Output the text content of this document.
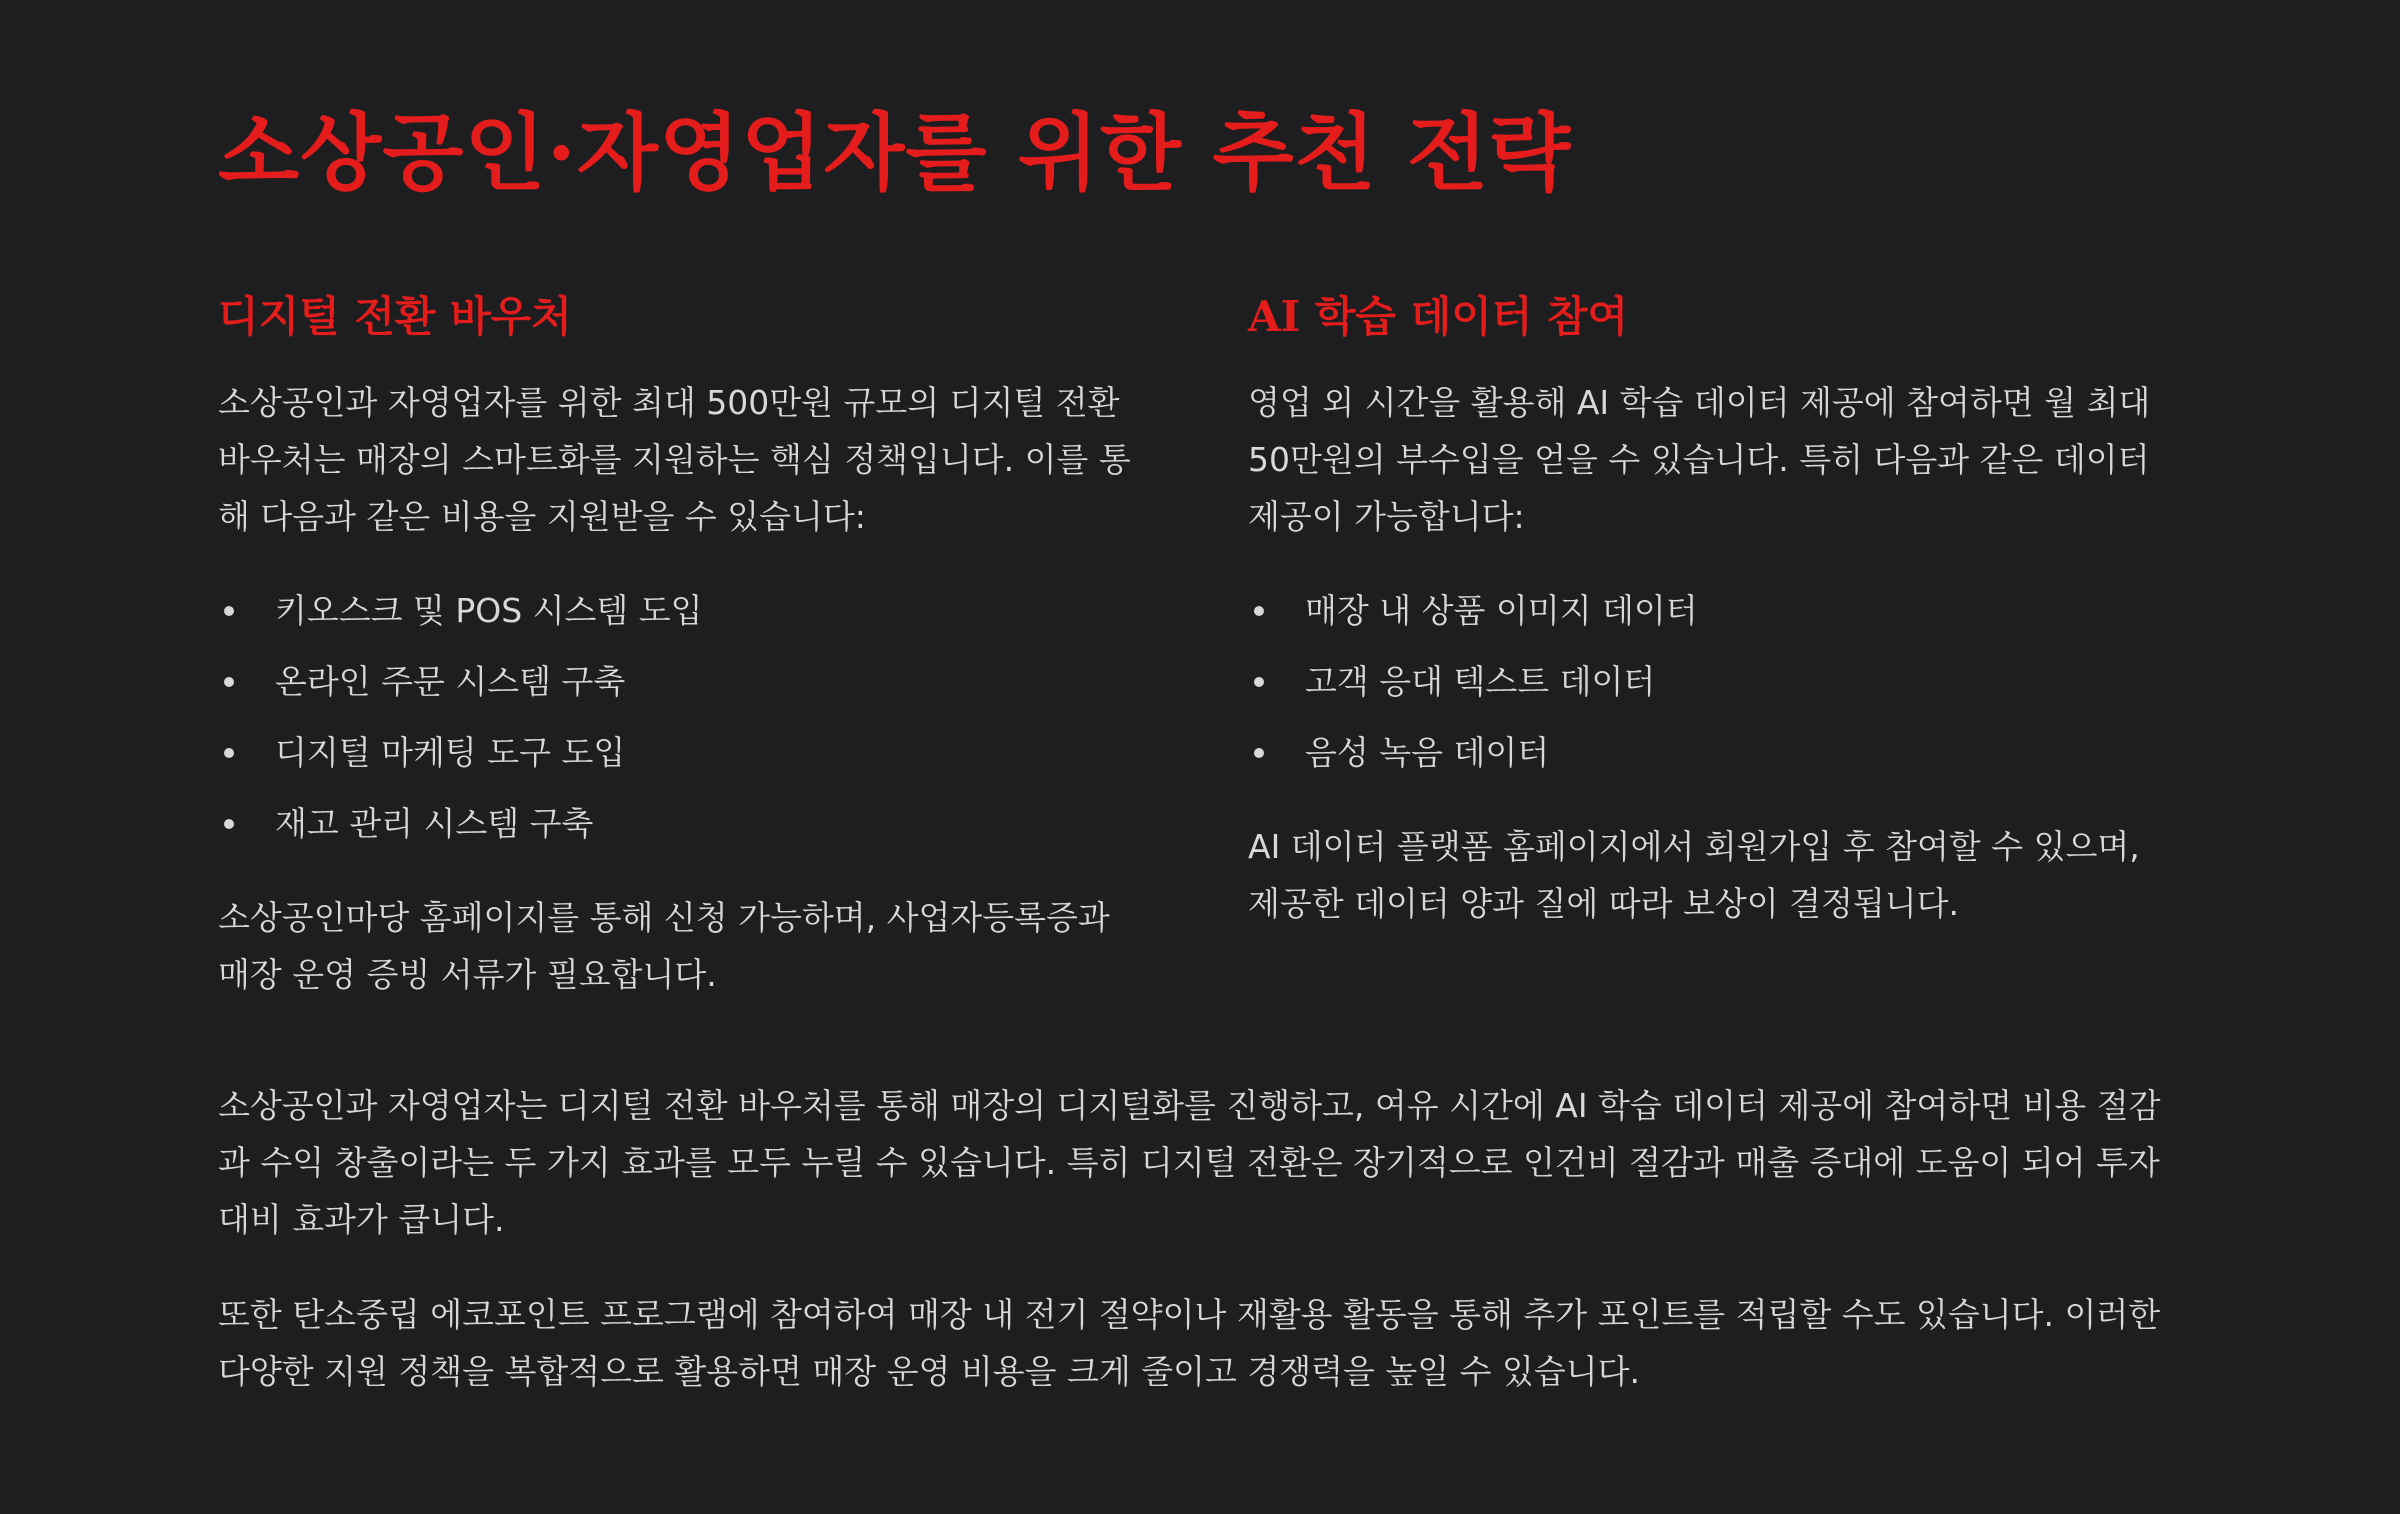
소상공인·자영업자를 위한 추천 전략
디지털 전환 바우처

소상공인과 자영업자를 위한 최대 500만원 규모의 디지털 전환 바우처는 매장의 스마트화를 지원하는 핵심 정책입니다. 이를 통해 다음과 같은 비용을 지원받을 수 있습니다:

키오스크 및 POS 시스템 도입
온라인 주문 시스템 구축
디지털 마케팅 도구 도입
재고 관리 시스템 구축

소상공인마당 홈페이지를 통해 신청 가능하며, 사업자등록증과 매장 운영 증빙 서류가 필요합니다.

AI 학습 데이터 참여

영업 외 시간을 활용해 AI 학습 데이터 제공에 참여하면 월 최대 50만원의 부수입을 얻을 수 있습니다. 특히 다음과 같은 데이터 제공이 가능합니다:

매장 내 상품 이미지 데이터
고객 응대 텍스트 데이터
음성 녹음 데이터

AI 데이터 플랫폼 홈페이지에서 회원가입 후 참여할 수 있으며, 제공한 데이터 양과 질에 따라 보상이 결정됩니다.

소상공인과 자영업자는 디지털 전환 바우처를 통해 매장의 디지털화를 진행하고, 여유 시간에 AI 학습 데이터 제공에 참여하면 비용 절감과 수익 창출이라는 두 가지 효과를 모두 누릴 수 있습니다. 특히 디지털 전환은 장기적으로 인건비 절감과 매출 증대에 도움이 되어 투자 대비 효과가 큽니다.

또한 탄소중립 에코포인트 프로그램에 참여하여 매장 내 전기 절약이나 재활용 활동을 통해 추가 포인트를 적립할 수도 있습니다. 이러한 다양한 지원 정책을 복합적으로 활용하면 매장 운영 비용을 크게 줄이고 경쟁력을 높일 수 있습니다.
